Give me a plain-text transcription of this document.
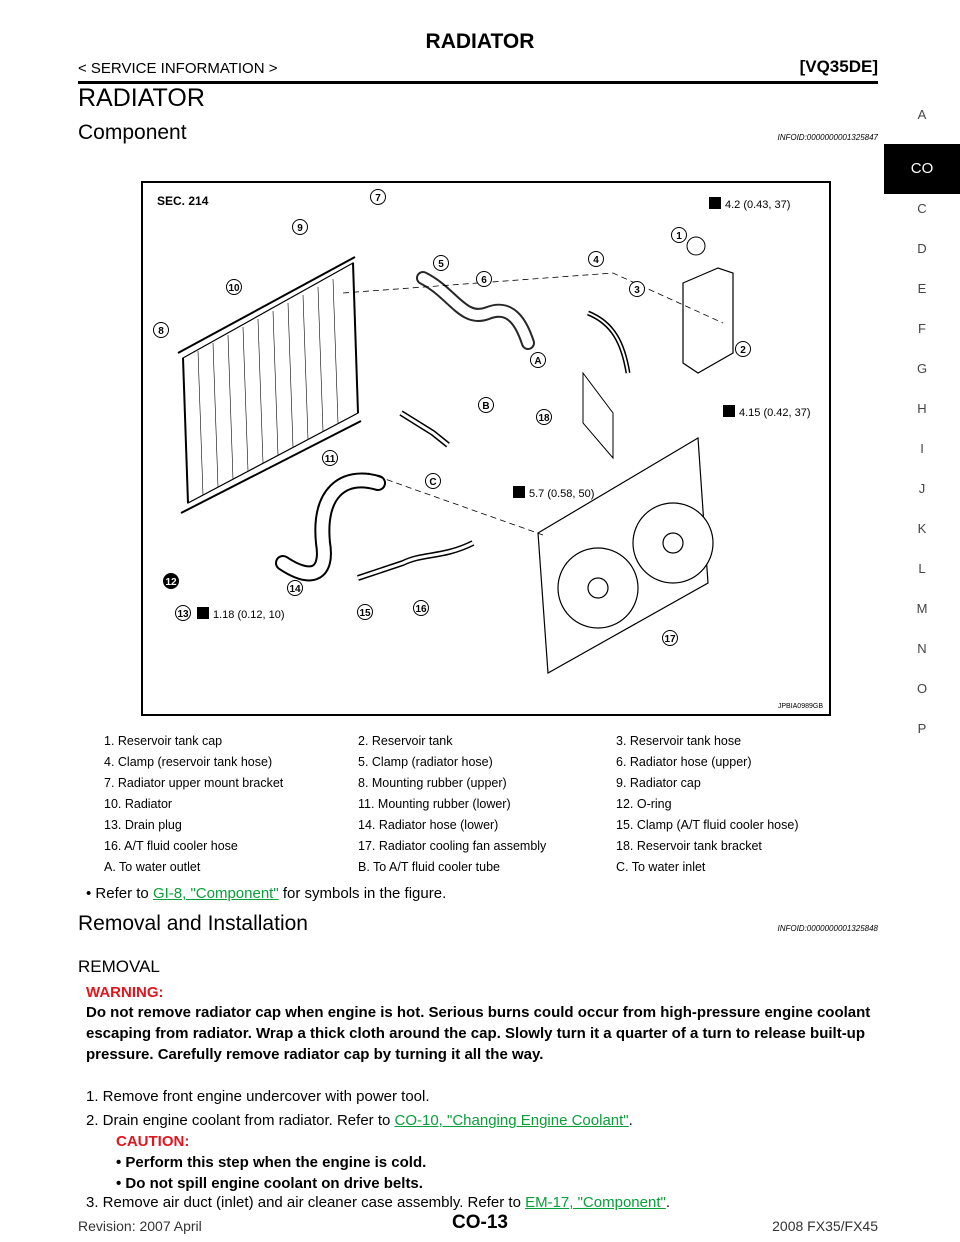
RADIATOR
< SERVICE INFORMATION >	[VQ35DE]
RADIATOR
Component	INFOID:0000000001325847
A
CO
C
D
E
F
G
H
I
J
K
L
M
N
O
P
SEC. 214	4.2 (0.43, 37)
4.15 (0.42, 37)
5.7 (0.58, 50)
1.18 (0.12, 10)
1
2
3
4
5
6
7
8
9
10
11
12
13
14
15	16
17
18
A
B
C
JPBIA0989GB
1. Reservoir tank cap	2. Reservoir tank	3. Reservoir tank hose
4. Clamp (reservoir tank hose)	5. Clamp (radiator hose)	6. Radiator hose (upper)
7. Radiator upper mount bracket	8. Mounting rubber (upper)	9. Radiator cap
10. Radiator	11. Mounting rubber (lower)	12. O-ring
13. Drain plug	14. Radiator hose (lower)	15. Clamp (A/T fluid cooler hose)
16. A/T fluid cooler hose	17. Radiator cooling fan assembly	18. Reservoir tank bracket
A. To water outlet	B. To A/T fluid cooler tube	C. To water inlet
• Refer to GI-8, "Component" for symbols in the figure.
Removal and Installation	INFOID:0000000001325848
REMOVAL
WARNING:
Do not remove radiator cap when engine is hot. Serious burns could occur from high-pressure engine coolant escaping from radiator. Wrap a thick cloth around the cap. Slowly turn it a quarter of a turn to release built-up pressure. Carefully remove radiator cap by turning it all the way.
1. Remove front engine undercover with power tool.
2. Drain engine coolant from radiator. Refer to CO-10, "Changing Engine Coolant".
CAUTION:
• Perform this step when the engine is cold.
• Do not spill engine coolant on drive belts.
3. Remove air duct (inlet) and air cleaner case assembly. Refer to EM-17, "Component".
Revision: 2007 April	CO-13	2008 FX35/FX45
